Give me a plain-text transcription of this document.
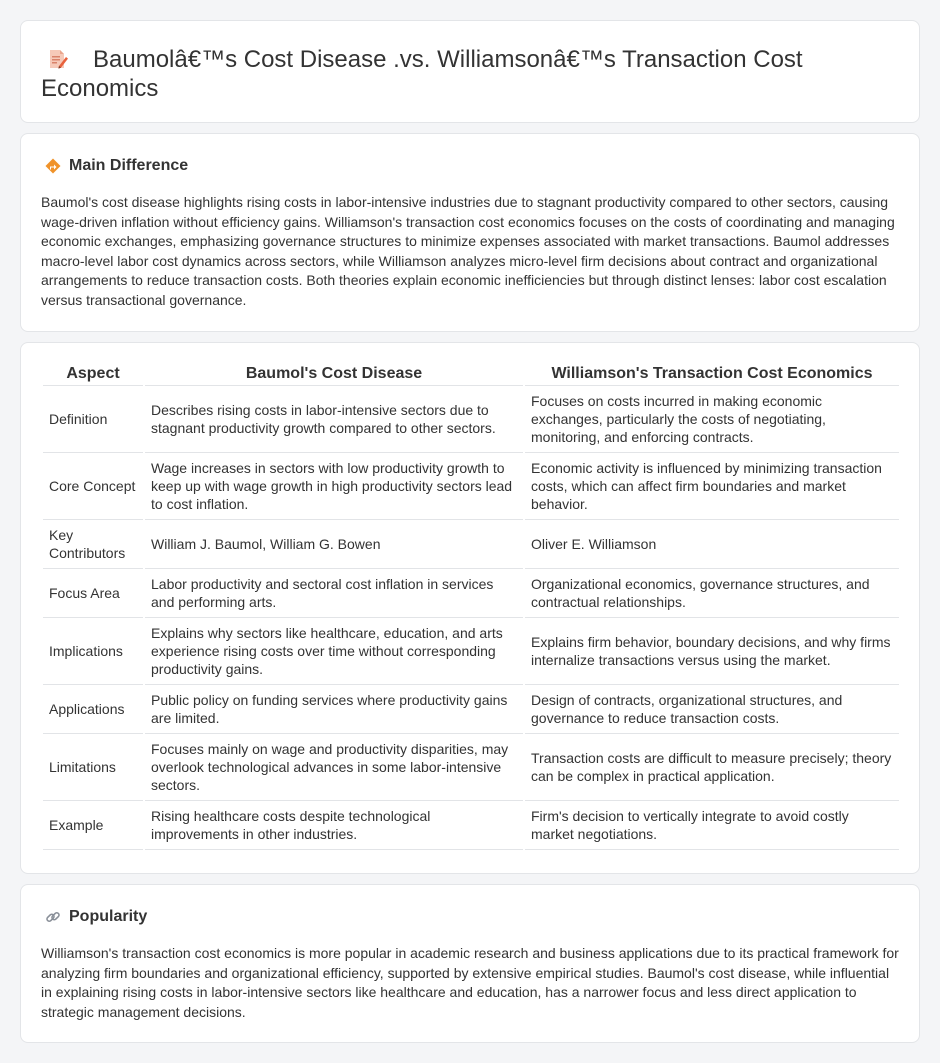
Baumolâ€™s Cost Disease .vs. Williamsonâ€™s Transaction Cost Economics
Main Difference

Baumol's cost disease highlights rising costs in labor-intensive industries due to stagnant productivity compared to other sectors, causing wage-driven inflation without efficiency gains. Williamson's transaction cost economics focuses on the costs of coordinating and managing economic exchanges, emphasizing governance structures to minimize expenses associated with market transactions. Baumol addresses macro-level labor cost dynamics across sectors, while Williamson analyzes micro-level firm decisions about contract and organizational arrangements to reduce transaction costs. Both theories explain economic inefficiencies but through distinct lenses: labor cost escalation versus transactional governance.

Aspect	Baumol's Cost Disease	Williamson's Transaction Cost Economics
Definition	Describes rising costs in labor-intensive sectors due to stagnant productivity growth compared to other sectors.	Focuses on costs incurred in making economic exchanges, particularly the costs of negotiating, monitoring, and enforcing contracts.
Core Concept	Wage increases in sectors with low productivity growth to keep up with wage growth in high productivity sectors lead to cost inflation.	Economic activity is influenced by minimizing transaction costs, which can affect firm boundaries and market behavior.
Key Contributors	William J. Baumol, William G. Bowen	Oliver E. Williamson
Focus Area	Labor productivity and sectoral cost inflation in services and performing arts.	Organizational economics, governance structures, and contractual relationships.
Implications	Explains why sectors like healthcare, education, and arts experience rising costs over time without corresponding productivity gains.	Explains firm behavior, boundary decisions, and why firms internalize transactions versus using the market.
Applications	Public policy on funding services where productivity gains are limited.	Design of contracts, organizational structures, and governance to reduce transaction costs.
Limitations	Focuses mainly on wage and productivity disparities, may overlook technological advances in some labor-intensive sectors.	Transaction costs are difficult to measure precisely; theory can be complex in practical application.
Example	Rising healthcare costs despite technological improvements in other industries.	Firm's decision to vertically integrate to avoid costly market negotiations.
Popularity

Williamson's transaction cost economics is more popular in academic research and business applications due to its practical framework for analyzing firm boundaries and organizational efficiency, supported by extensive empirical studies. Baumol's cost disease, while influential in explaining rising costs in labor-intensive sectors like healthcare and education, has a narrower focus and less direct application to strategic management decisions.
